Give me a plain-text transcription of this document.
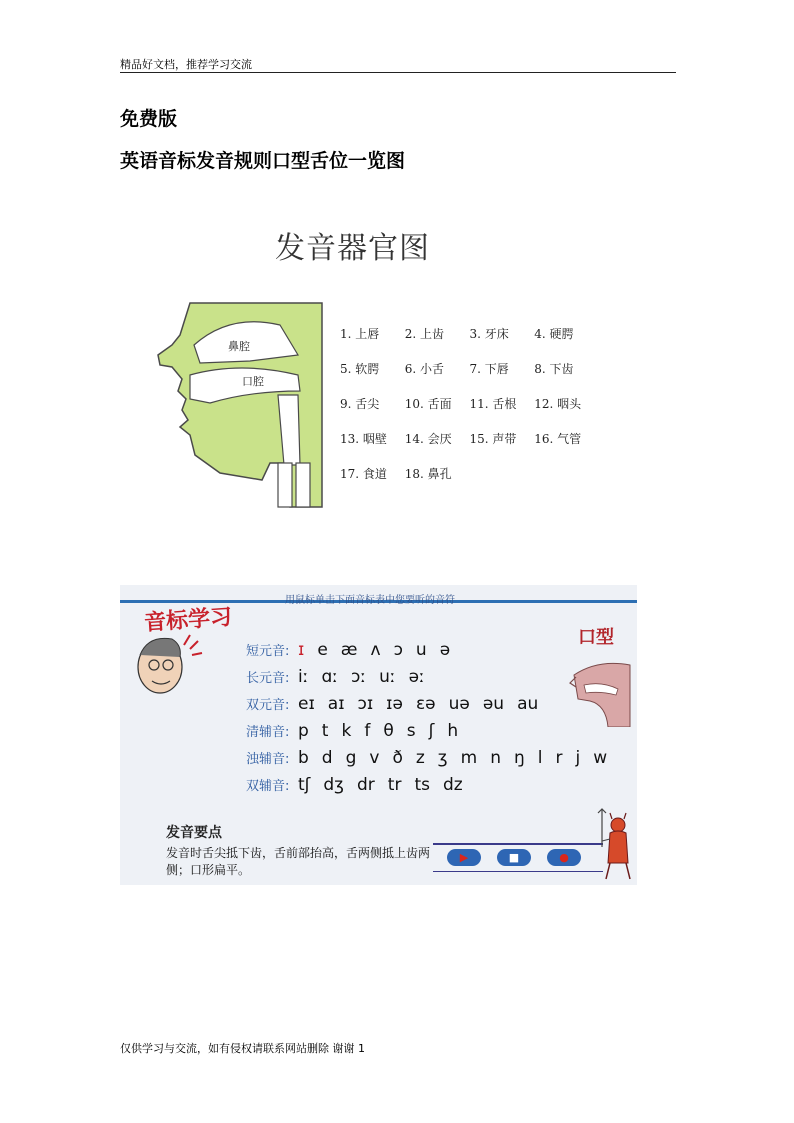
精品好文档，推荐学习交流
免费版
英语音标发音规则口型舌位一览图
发音器官图
鼻腔
口腔
1. 上唇	2. 上齿	3. 牙床	4. 硬腭
5. 软腭	6. 小舌	7. 下唇	8. 下齿
9. 舌尖	10. 舌面	11. 舌根	12. 咽头
13. 咽壁	14. 会厌	15. 声带	16. 气管
17. 食道	18. 鼻孔
用鼠标单击下面音标表中您要听的音符
音标学习
口型
短元音: ɪ e æ ʌ ɔ u ə
长元音: iː ɑː ɔː uː əː
双元音: eɪ aɪ ɔɪ ɪə ɛə uə əu au
清辅音: p t k f θ s ʃ h
浊辅音: b d g v ð z ʒ m n ŋ l r j w
双辅音: tʃ dʒ dr tr ts dz
发音要点
发音时舌尖抵下齿，舌前部抬高，舌两侧抵上齿两侧；口形扁平。
▶	■	●
仅供学习与交流，如有侵权请联系网站删除 谢谢 1
